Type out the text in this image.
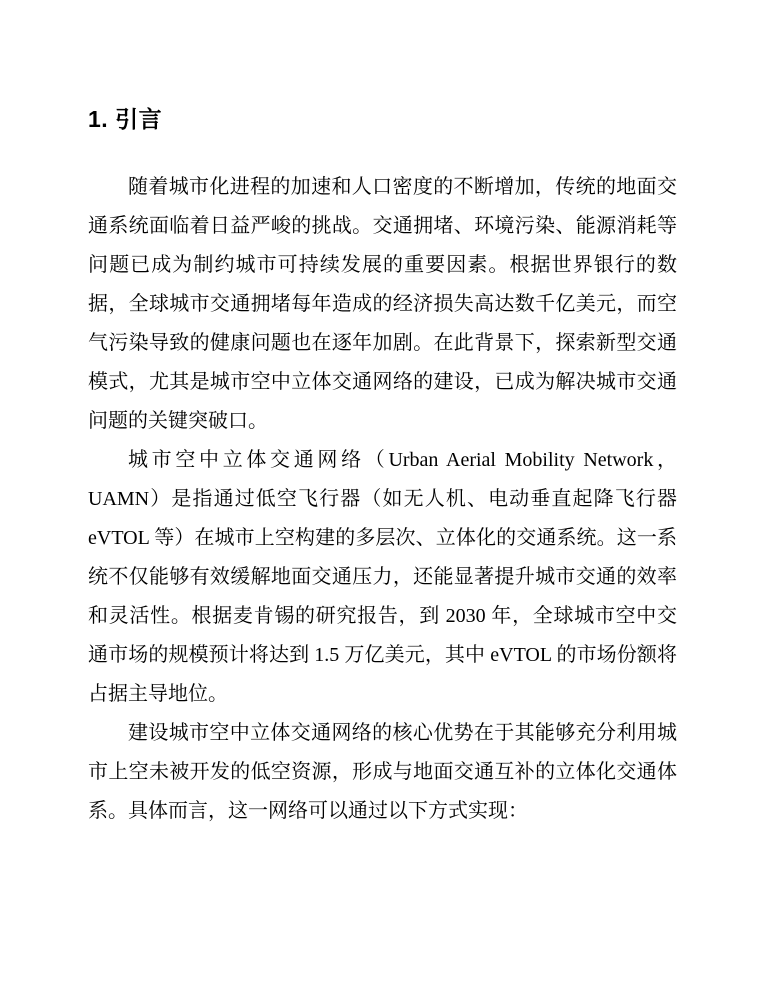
1. 引言

随着城市化进程的加速和人口密度的不断增加，传统的地面交通系统面临着日益严峻的挑战。交通拥堵、环境污染、能源消耗等问题已成为制约城市可持续发展的重要因素。根据世界银行的数据，全球城市交通拥堵每年造成的经济损失高达数千亿美元，而空气污染导致的健康问题也在逐年加剧。在此背景下，探索新型交通模式，尤其是城市空中立体交通网络的建设，已成为解决城市交通问题的关键突破口。

城市空中立体交通网络（Urban Aerial Mobility Network，UAMN）是指通过低空飞行器（如无人机、电动垂直起降飞行器 eVTOL 等）在城市上空构建的多层次、立体化的交通系统。这一系统不仅能够有效缓解地面交通压力，还能显著提升城市交通的效率和灵活性。根据麦肯锡的研究报告，到 2030 年，全球城市空中交通市场的规模预计将达到 1.5 万亿美元，其中 eVTOL 的市场份额将占据主导地位。

建设城市空中立体交通网络的核心优势在于其能够充分利用城市上空未被开发的低空资源，形成与地面交通互补的立体化交通体系。具体而言，这一网络可以通过以下方式实现：
